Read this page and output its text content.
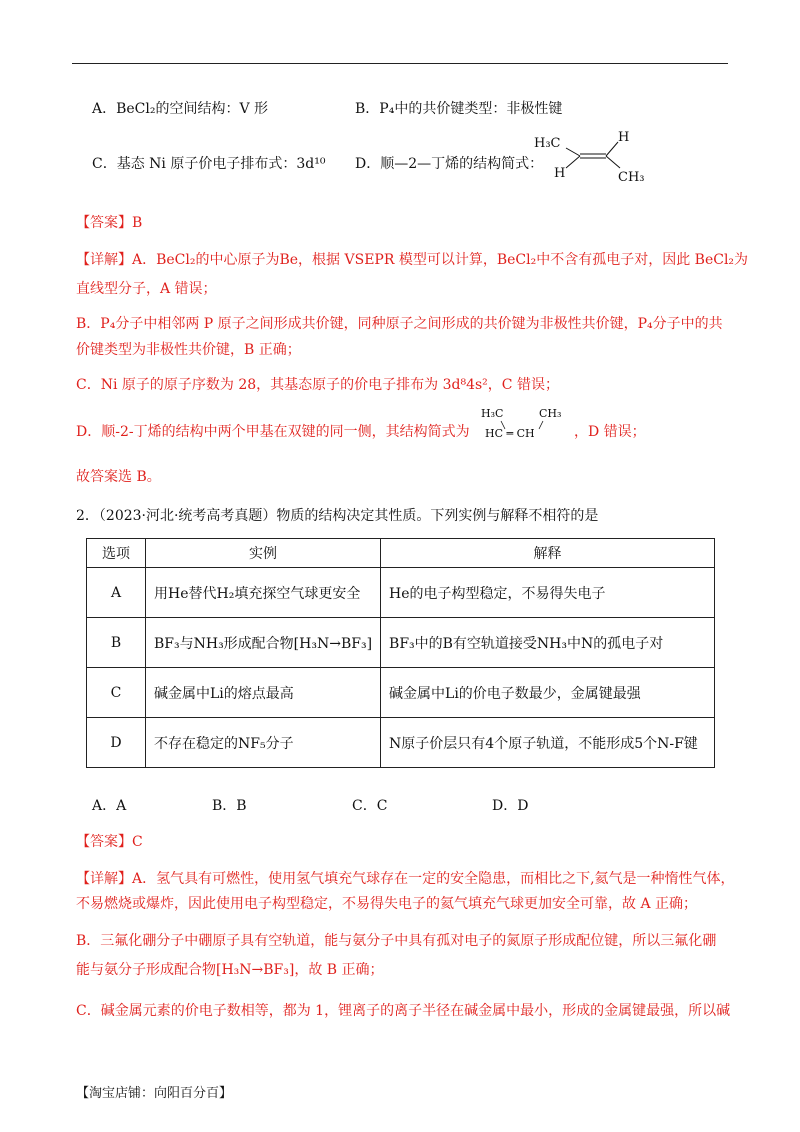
A．BeCl₂的空间结构：V 形	B．P₄中的共价键类型：非极性键
C．基态 Ni 原子价电子排布式：3d¹⁰ D．顺—2—丁烯的结构简式：
H₃C	H
H	CH₃
【答案】B
【详解】A．BeCl₂的中心原子为Be，根据 VSEPR 模型可以计算，BeCl₂中不含有孤电子对，因此 BeCl₂为
直线型分子，A 错误；
B．P₄分子中相邻两 P 原子之间形成共价键，同种原子之间形成的共价键为非极性共价键，P₄分子中的共
价键类型为非极性共价键，B 正确；
C．Ni 原子的原子序数为 28，其基态原子的价电子排布为 3d⁸4s²，C 错误；
D．顺-2-丁烯的结构中两个甲基在双键的同一侧，其结构简式为
H₃C	CH₃
HC ═ CH	，D 错误；
故答案选 B。
2．（2023·河北·统考高考真题）物质的结构决定其性质。下列实例与解释不相符的是
选项	实例	解释
A	用He替代H₂填充探空气球更安全	He的电子构型稳定，不易得失电子
B	BF₃与NH₃形成配合物[H₃N→BF₃]	BF₃中的B有空轨道接受NH₃中N的孤电子对
C	碱金属中Li的熔点最高	碱金属中Li的价电子数最少，金属键最强
D	不存在稳定的NF₅分子	N原子价层只有4个原子轨道，不能形成5个N-F键
A．A	B．B	C．C	D．D
【答案】C
【详解】A．氢气具有可燃性，使用氢气填充气球存在一定的安全隐患，而相比之下,氦气是一种惰性气体，
不易燃烧或爆炸，因此使用电子构型稳定，不易得失电子的氦气填充气球更加安全可靠，故 A 正确；
B．三氟化硼分子中硼原子具有空轨道，能与氨分子中具有孤对电子的氮原子形成配位键，所以三氟化硼
能与氨分子形成配合物[H₃N→BF₃]，故 B 正确；
C．碱金属元素的价电子数相等，都为 1，锂离子的离子半径在碱金属中最小，形成的金属键最强，所以碱
【淘宝店铺：向阳百分百】
